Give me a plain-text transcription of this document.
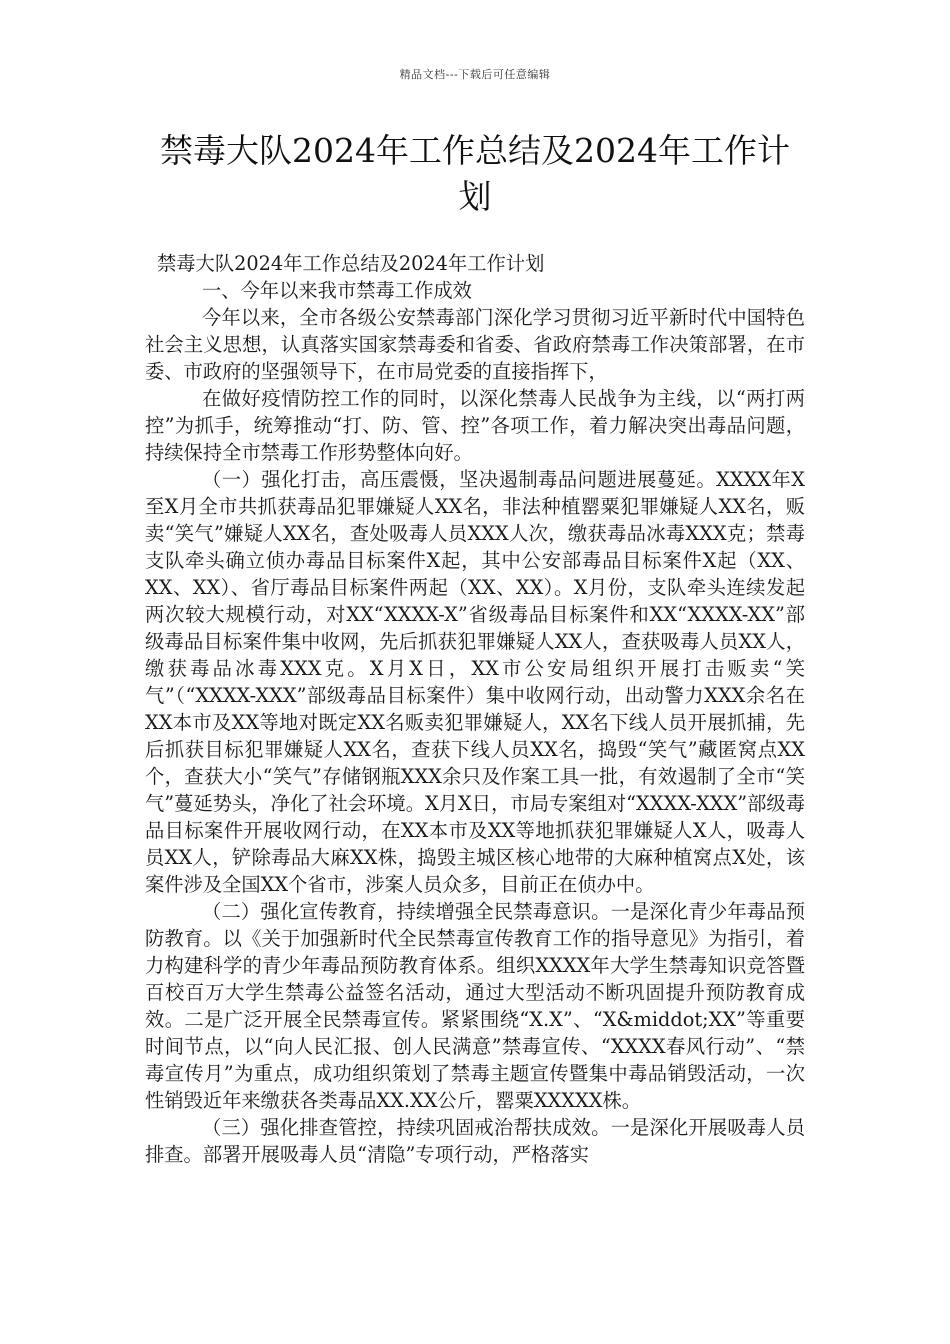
精品文档---下载后可任意编辑
禁毒大队2024年工作总结及2024年工作计划

禁毒大队2024年工作总结及2024年工作计划

一、今年以来我市禁毒工作成效

今年以来，全市各级公安禁毒部门深化学习贯彻习近平新时代中国特色社会主义思想，认真落实国家禁毒委和省委、省政府禁毒工作决策部署，在市委、市政府的坚强领导下，在市局党委的直接指挥下，

在做好疫情防控工作的同时，以深化禁毒人民战争为主线，以“两打两控”为抓手，统筹推动“打、防、管、控”各项工作，着力解决突出毒品问题，持续保持全市禁毒工作形势整体向好。

（一）强化打击，高压震慑，坚决遏制毒品问题进展蔓延。XXXX年X至X月全市共抓获毒品犯罪嫌疑人XX名，非法种植罂粟犯罪嫌疑人XX名，贩卖“笑气”嫌疑人XX名，查处吸毒人员XXX人次，缴获毒品冰毒XXX克；禁毒支队牵头确立侦办毒品目标案件X起，其中公安部毒品目标案件X起（XX、XX、XX）、省厅毒品目标案件两起（XX、XX）。X月份，支队牵头连续发起两次较大规模行动，对XX“XXXX-X”省级毒品目标案件和XX“XXXX-XX”部级毒品目标案件集中收网，先后抓获犯罪嫌疑人XX人，查获吸毒人员XX人，缴获毒品冰毒XXX克。X月X日，XX市公安局组织开展打击贩卖“笑气”（“XXXX-XXX”部级毒品目标案件）集中收网行动，出动警力XXX余名在XX本市及XX等地对既定XX名贩卖犯罪嫌疑人，XX名下线人员开展抓捕，先后抓获目标犯罪嫌疑人XX名，查获下线人员XX名，捣毁“笑气”藏匿窝点XX个，查获大小“笑气”存储钢瓶XXX余只及作案工具一批，有效遏制了全市“笑气”蔓延势头，净化了社会环境。X月X日，市局专案组对“XXXX-XXX”部级毒品目标案件开展收网行动，在XX本市及XX等地抓获犯罪嫌疑人X人，吸毒人员XX人，铲除毒品大麻XX株，捣毁主城区核心地带的大麻种植窝点X处，该案件涉及全国XX个省市，涉案人员众多，目前正在侦办中。

（二）强化宣传教育，持续增强全民禁毒意识。一是深化青少年毒品预防教育。以《关于加强新时代全民禁毒宣传教育工作的指导意见》为指引，着力构建科学的青少年毒品预防教育体系。组织XXXX年大学生禁毒知识竞答暨百校百万大学生禁毒公益签名活动，通过大型活动不断巩固提升预防教育成效。二是广泛开展全民禁毒宣传。紧紧围绕“X.X”、“X&middot;XX”等重要时间节点，以“向人民汇报、创人民满意”禁毒宣传、“XXXX春风行动”、“禁毒宣传月”为重点，成功组织策划了禁毒主题宣传暨集中毒品销毁活动，一次性销毁近年来缴获各类毒品XX.XX公斤，罂粟XXXXX株。

（三）强化排查管控，持续巩固戒治帮扶成效。一是深化开展吸毒人员排查。部署开展吸毒人员“清隐”专项行动，严格落实
